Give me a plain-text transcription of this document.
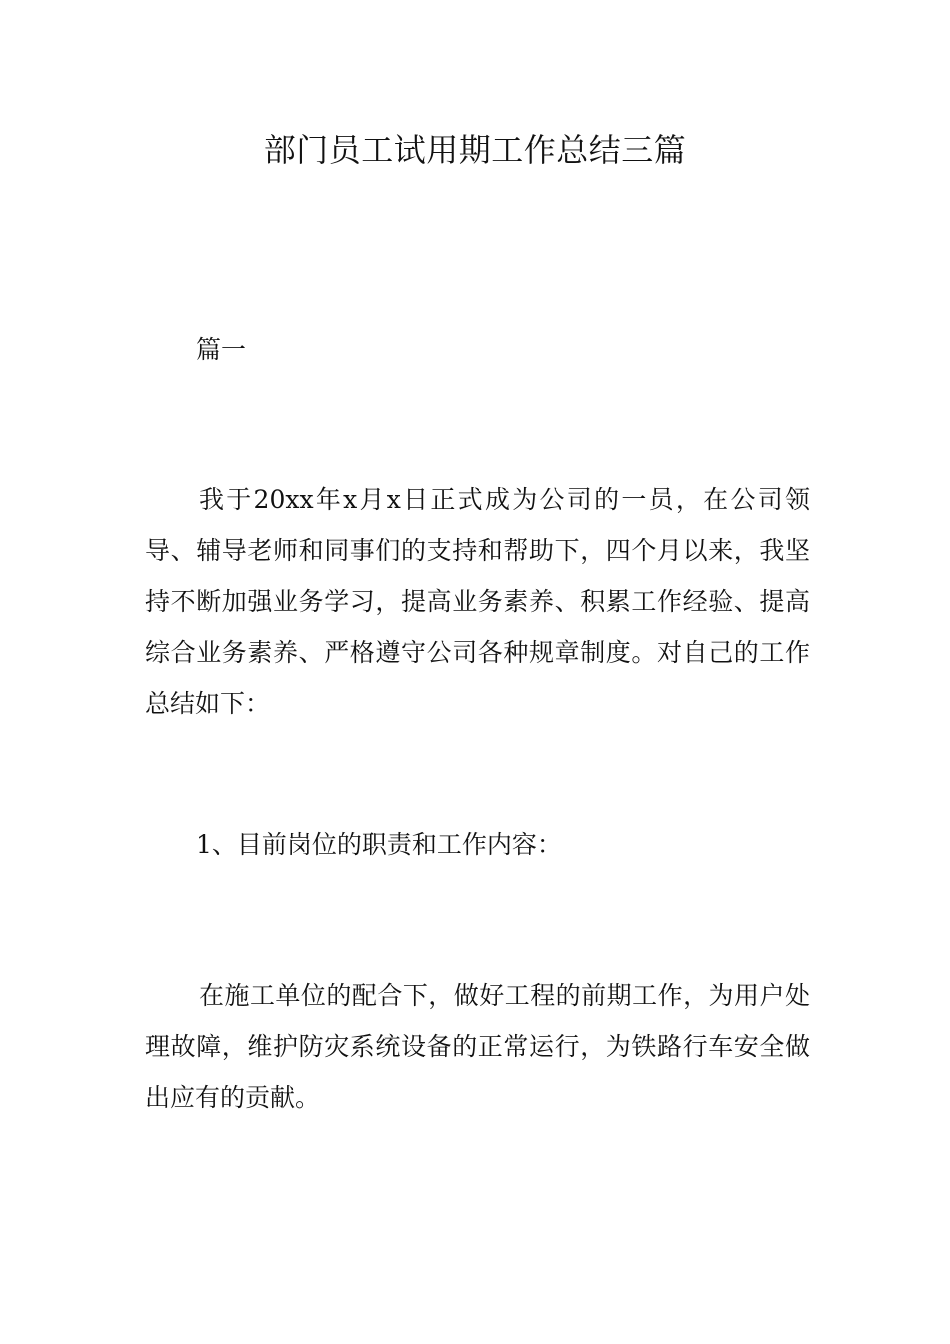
部门员工试用期工作总结三篇
篇一
我于20xx年x月x日正式成为公司的一员，在公司领导、辅导老师和同事们的支持和帮助下，四个月以来，我坚持不断加强业务学习，提高业务素养、积累工作经验、提高综合业务素养、严格遵守公司各种规章制度。对自己的工作总结如下：
1、目前岗位的职责和工作内容：
在施工单位的配合下，做好工程的前期工作，为用户处理故障，维护防灾系统设备的正常运行，为铁路行车安全做出应有的贡献。
